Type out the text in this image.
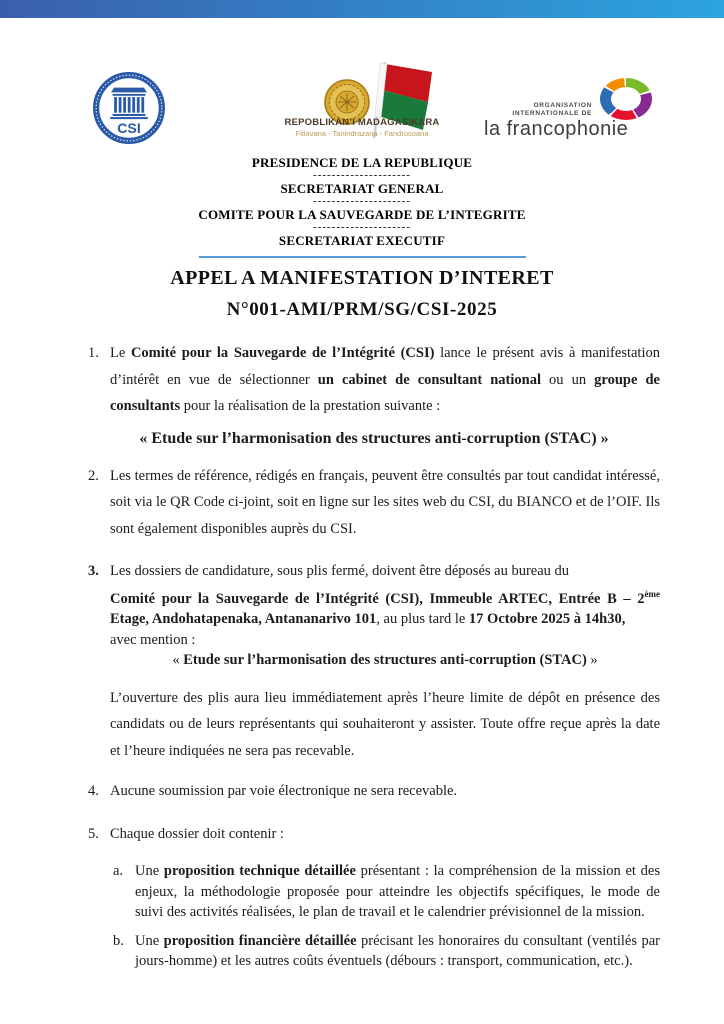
CSI	REPOBLIKAN’I MADAGASIKARA
Fitiavana - Tanindrazana - Fandrosoana
ORGANISATION
INTERNATIONALE DE
la francophonie
PRESIDENCE DE LA REPUBLIQUE
---------------------
SECRETARIAT GENERAL
---------------------
COMITE POUR LA SAUVEGARDE DE L’INTEGRITE
---------------------
SECRETARIAT EXECUTIF
APPEL A MANIFESTATION D’INTERET
N°001-AMI/PRM/SG/CSI-2025
1. Le Comité pour la Sauvegarde de l’Intégrité (CSI) lance le présent avis à manifestation d’intérêt en vue de sélectionner un cabinet de consultant national ou un groupe de consultants pour la réalisation de la prestation suivante :
« Etude sur l’harmonisation des structures anti-corruption (STAC) »
2. Les termes de référence, rédigés en français, peuvent être consultés par tout candidat intéressé, soit via le QR Code ci-joint, soit en ligne sur les sites web du CSI, du BIANCO et de l’OIF. Ils sont également disponibles auprès du CSI.
3. Les dossiers de candidature, sous plis fermé, doivent être déposés au bureau du
Comité pour la Sauvegarde de l’Intégrité (CSI), Immeuble ARTEC, Entrée B – 2ème Etage, Andohatapenaka, Antananarivo 101, au plus tard le 17 Octobre 2025 à 14h30,
avec mention :
« Etude sur l’harmonisation des structures anti-corruption (STAC) »
L’ouverture des plis aura lieu immédiatement après l’heure limite de dépôt en présence des candidats ou de leurs représentants qui souhaiteront y assister. Toute offre reçue après la date et l’heure indiquées ne sera pas recevable.
4. Aucune soumission par voie électronique ne sera recevable.
5. Chaque dossier doit contenir :
a. Une proposition technique détaillée présentant : la compréhension de la mission et des enjeux, la méthodologie proposée pour atteindre les objectifs spécifiques, le mode de suivi des activités réalisées, le plan de travail et le calendrier prévisionnel de la mission.
b. Une proposition financière détaillée précisant les honoraires du consultant (ventilés par jours-homme) et les autres coûts éventuels (débours : transport, communication, etc.).
